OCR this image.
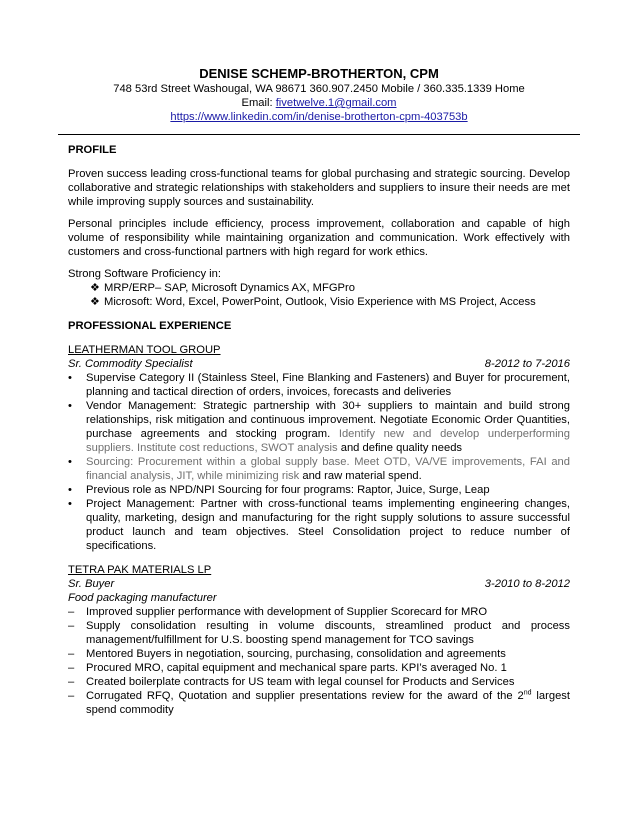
DENISE SCHEMP-BROTHERTON, CPM
748 53rd Street Washougal, WA 98671 360.907.2450 Mobile / 360.335.1339 Home
Email: fivetwelve.1@gmail.com
https://www.linkedin.com/in/denise-brotherton-cpm-403753b
PROFILE

Proven success leading cross-functional teams for global purchasing and strategic sourcing. Develop collaborative and strategic relationships with stakeholders and suppliers to insure their needs are met while improving supply sources and sustainability.

Personal principles include efficiency, process improvement, collaboration and capable of high volume of responsibility while maintaining organization and communication. Work effectively with customers and cross-functional partners with high regard for work ethics.

Strong Software Proficiency in:

❖ MRP/ERP– SAP, Microsoft Dynamics AX, MFGPro
❖ Microsoft: Word, Excel, PowerPoint, Outlook, Visio Experience with MS Project, Access
PROFESSIONAL EXPERIENCE
LEATHERMAN TOOL GROUP
Sr. Commodity Specialist	8-2012 to 7-2016
•	Supervise Category II (Stainless Steel, Fine Blanking and Fasteners) and Buyer for procurement, planning and tactical direction of orders, invoices, forecasts and deliveries
•	Vendor Management: Strategic partnership with 30+ suppliers to maintain and build strong relationships, risk mitigation and continuous improvement. Negotiate Economic Order Quantities, purchase agreements and stocking program. Identify new and develop underperforming suppliers. Institute cost reductions, SWOT analysis and define quality needs
•	Sourcing: Procurement within a global supply base. Meet OTD, VA/VE improvements, FAI and financial analysis, JIT, while minimizing risk and raw material spend.
•	Previous role as NPD/NPI Sourcing for four programs: Raptor, Juice, Surge, Leap
•	Project Management: Partner with cross-functional teams implementing engineering changes, quality, marketing, design and manufacturing for the right supply solutions to assure successful product launch and team objectives. Steel Consolidation project to reduce number of specifications.
TETRA PAK MATERIALS LP
Sr. Buyer	3-2010 to 8-2012
Food packaging manufacturer
–	Improved supplier performance with development of Supplier Scorecard for MRO
–	Supply consolidation resulting in volume discounts, streamlined product and process management/fulfillment for U.S. boosting spend management for TCO savings
–	Mentored Buyers in negotiation, sourcing, purchasing, consolidation and agreements
–	Procured MRO, capital equipment and mechanical spare parts. KPI’s averaged No. 1
–	Created boilerplate contracts for US team with legal counsel for Products and Services
–	Corrugated RFQ, Quotation and supplier presentations review for the award of the 2nd largest spend commodity
